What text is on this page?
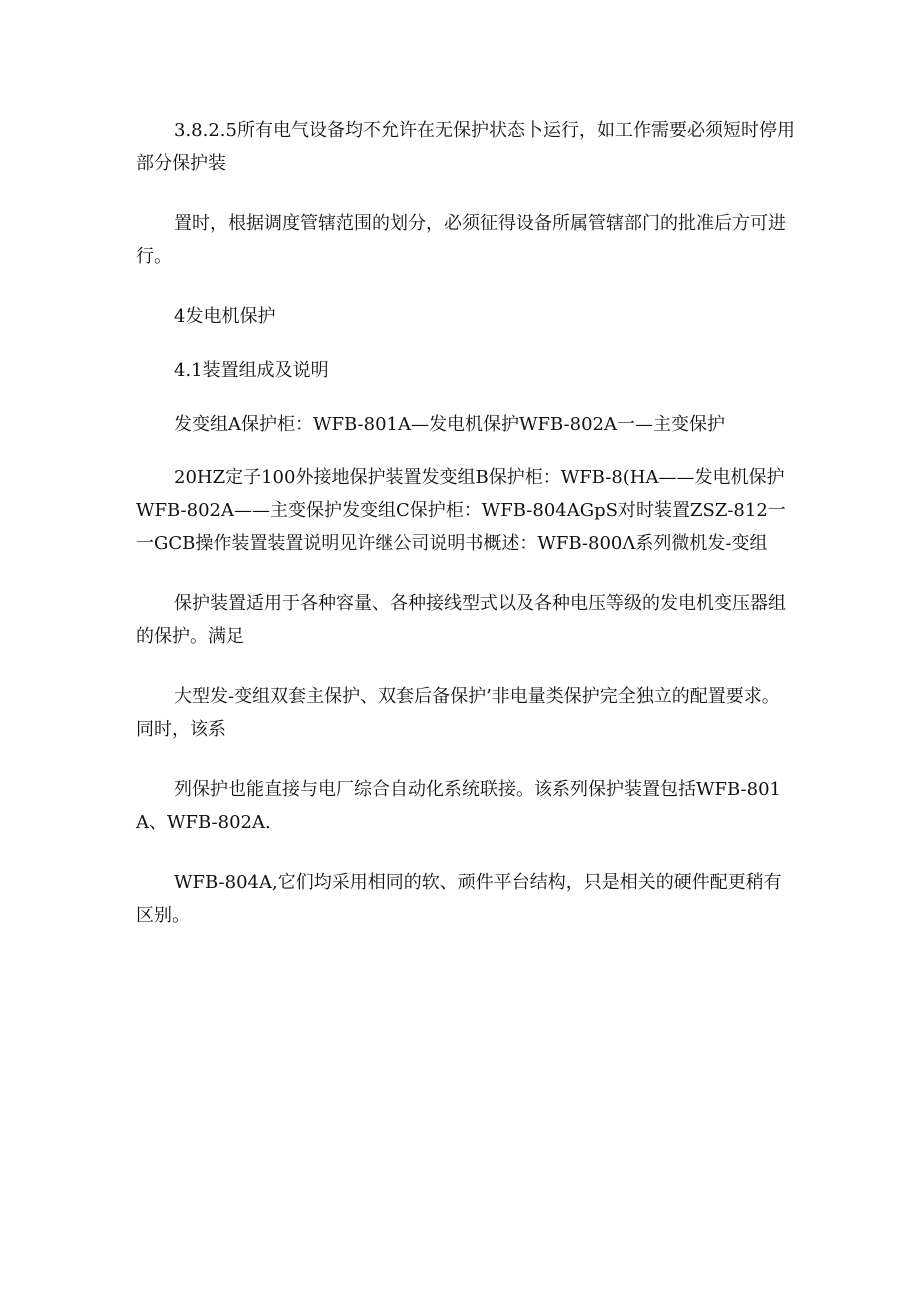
3.8.2.5所有电气设备均不允许在无保护状态卜运行，如工作需要必须短时停用部分保护装

置时，根据调度管辖范围的划分，必须征得设备所属管辖部门的批准后方可进行。

4发电机保护

4.1装置组成及说明

发变组A保护柜：WFB-801A—发电机保护WFB-802A一—主变保护

20HZ定子100外接地保护装置发变组B保护柜：WFB-8(HA——发电机保护WFB-802A——主变保护发变组C保护柜：WFB-804AGpS对时装置ZSZ-812一一GCB操作装置装置说明见许继公司说明书概述：WFB-800Λ系列微机发-变组

保护装置适用于各种容量、各种接线型式以及各种电压等级的发电机变压器组的保护。满足

大型发-变组双套主保护、双套后备保护’非电量类保护完全独立的配置要求。同时，该系

列保护也能直接与电厂综合自动化系统联接。该系列保护装置包括WFB-801A、WFB-802A.

WFB-804A,它们均采用相同的软、顽件平台结构，只是相关的硬件配更稍有区别。
